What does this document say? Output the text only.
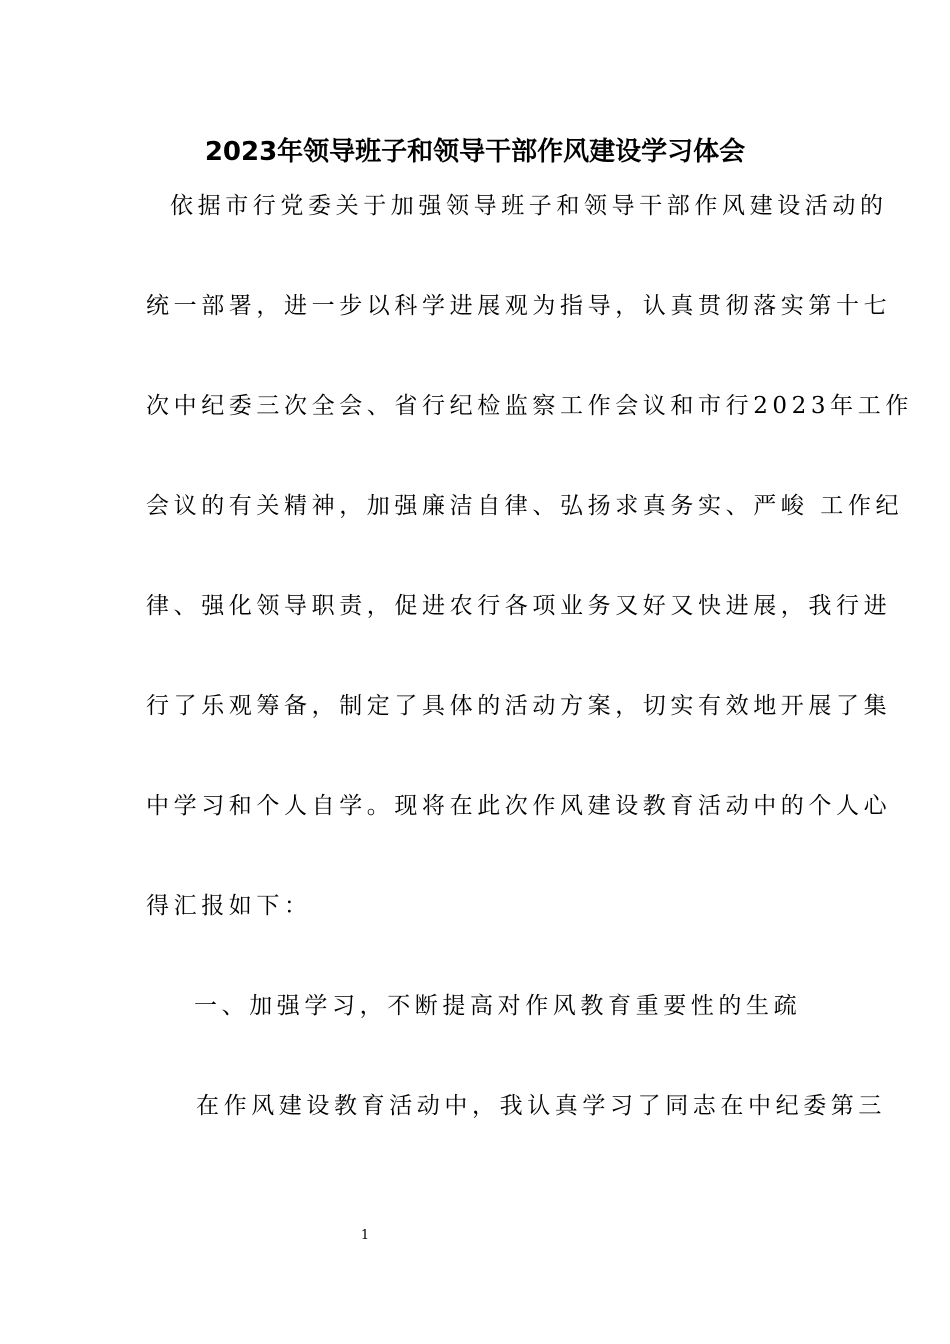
2023年领导班子和领导干部作风建设学习体会
依据市行党委关于加强领导班子和领导干部作风建设活动的
统一部署，进一步以科学进展观为指导，认真贯彻落实第十七
次中纪委三次全会、省行纪检监察工作会议和市行2023年工作
会议的有关精神，加强廉洁自律、弘扬求真务实、严峻 工作纪
律、强化领导职责，促进农行各项业务又好又快进展，我行进
行了乐观筹备，制定了具体的活动方案，切实有效地开展了集
中学习和个人自学。现将在此次作风建设教育活动中的个人心
得汇报如下：
一、加强学习，不断提高对作风教育重要性的生疏
在作风建设教育活动中，我认真学习了同志在中纪委第三
1
